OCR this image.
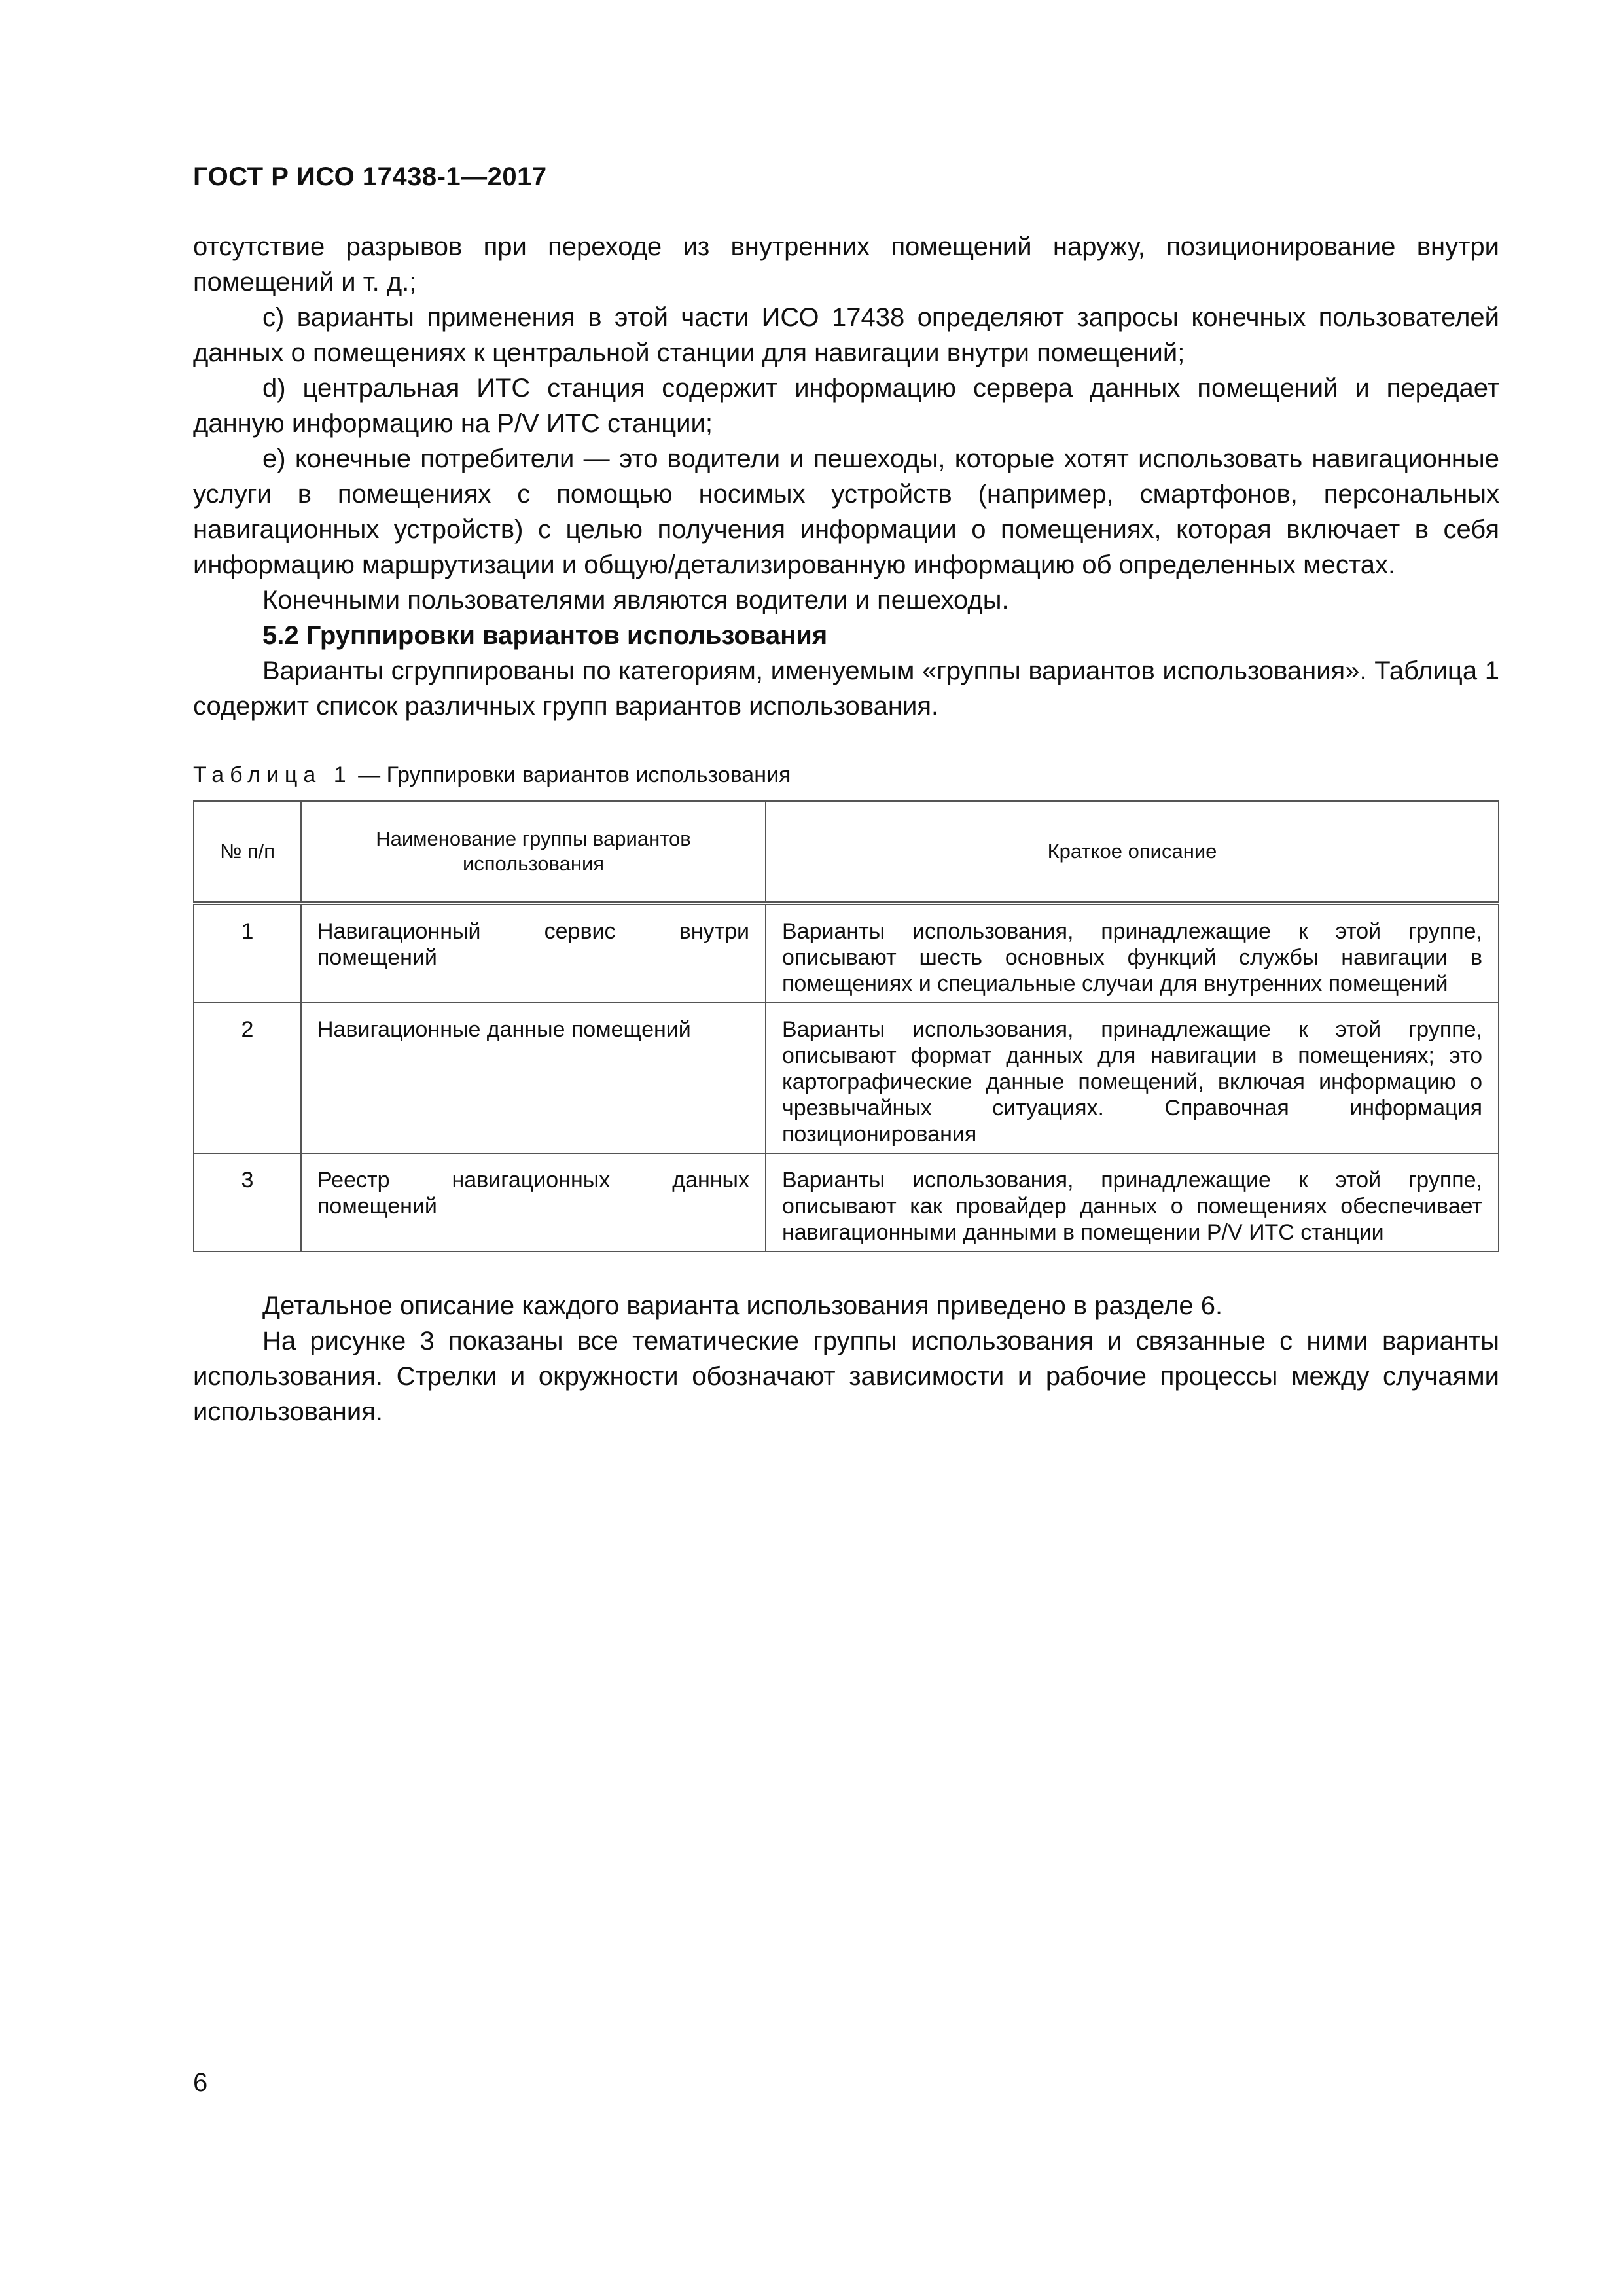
ГОСТ Р ИСО 17438-1—2017

отсутствие разрывов при переходе из внутренних помещений наружу, позиционирование внутри помещений и т. д.;

с) варианты применения в этой части ИСО 17438 определяют запросы конечных пользователей данных о помещениях к центральной станции для навигации внутри помещений;

d) центральная ИТС станция содержит информацию сервера данных помещений и передает данную информацию на P/V ИТС станции;

е) конечные потребители — это водители и пешеходы, которые хотят использовать навигационные услуги в помещениях с помощью носимых устройств (например, смартфонов, персональных навигационных устройств) с целью получения информации о помещениях, которая включает в себя информацию маршрутизации и общую/детализированную информацию об определенных местах.

Конечными пользователями являются водители и пешеходы.

5.2 Группировки вариантов использования

Варианты сгруппированы по категориям, именуемым «группы вариантов использования». Таблица 1 содержит список различных групп вариантов использования.

Таблица 1 — Группировки вариантов использования
№ п/п	Наименование группы вариантов использования	Краткое описание
1	Навигационный сервис внутри помещений	Варианты использования, принадлежащие к этой группе, описывают шесть основных функций службы навигации в помещениях и специальные случаи для внутренних помещений
2	Навигационные данные помещений	Варианты использования, принадлежащие к этой группе, описывают формат данных для навигации в помещениях; это картографические данные помещений, включая информацию о чрезвычайных ситуациях. Справочная информация позиционирования
3	Реестр навигационных данных помещений	Варианты использования, принадлежащие к этой группе, описывают как провайдер данных о помещениях обеспечивает навигационными данными в помещении P/V ИТС станции

Детальное описание каждого варианта использования приведено в разделе 6.

На рисунке 3 показаны все тематические группы использования и связанные с ними варианты использования. Стрелки и окружности обозначают зависимости и рабочие процессы между случаями использования.

6
